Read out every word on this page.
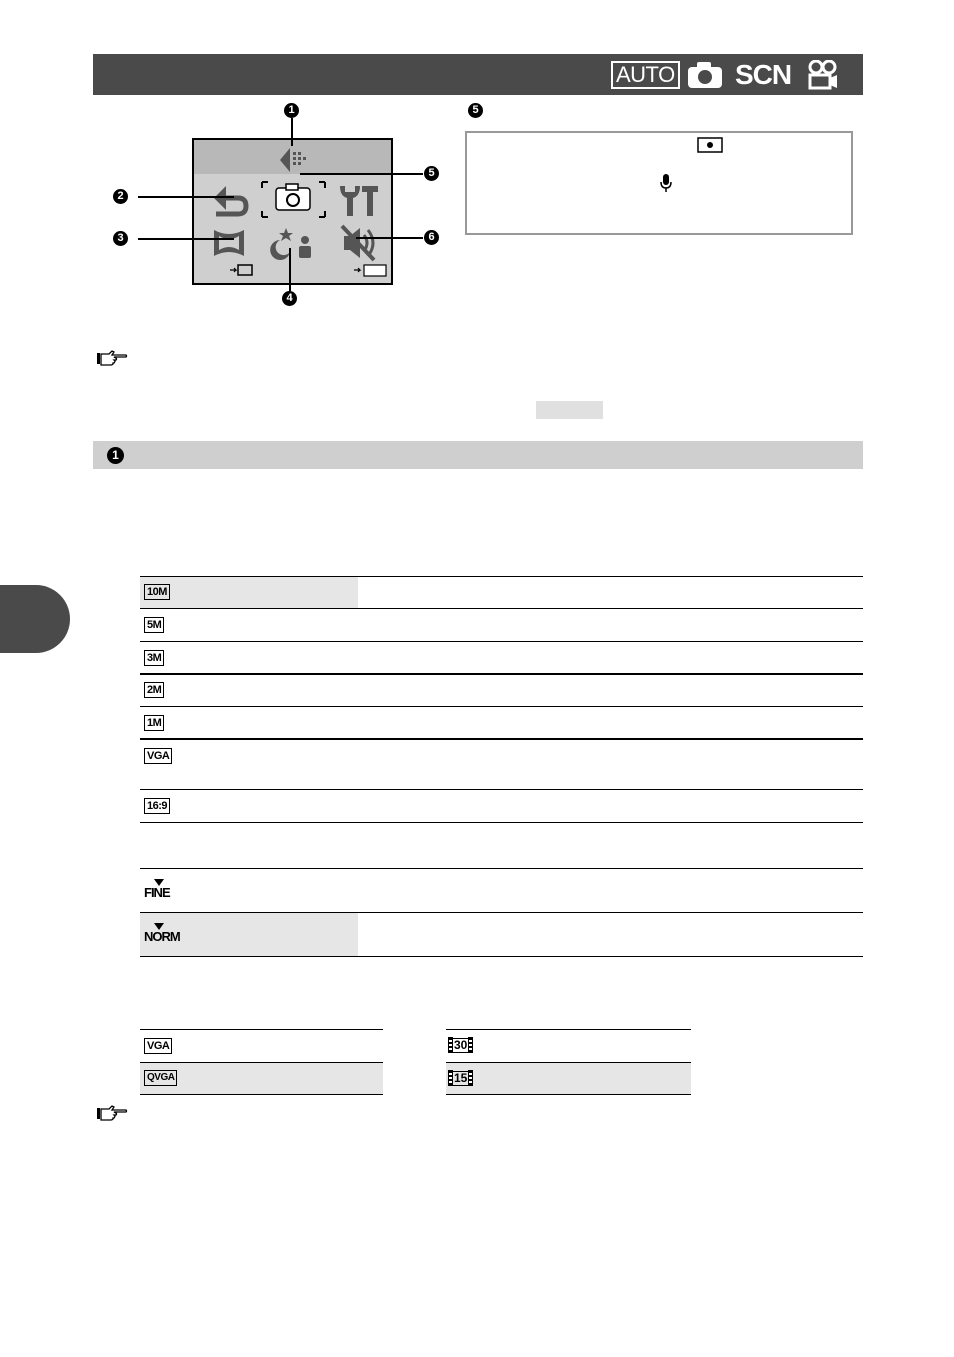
AUTO SCN
1
2
3
4
5
6
5
1
10M
5M
3M
2M
1M
VGA
16:9
FINE
NORM
VGA
QVGA
30
15
